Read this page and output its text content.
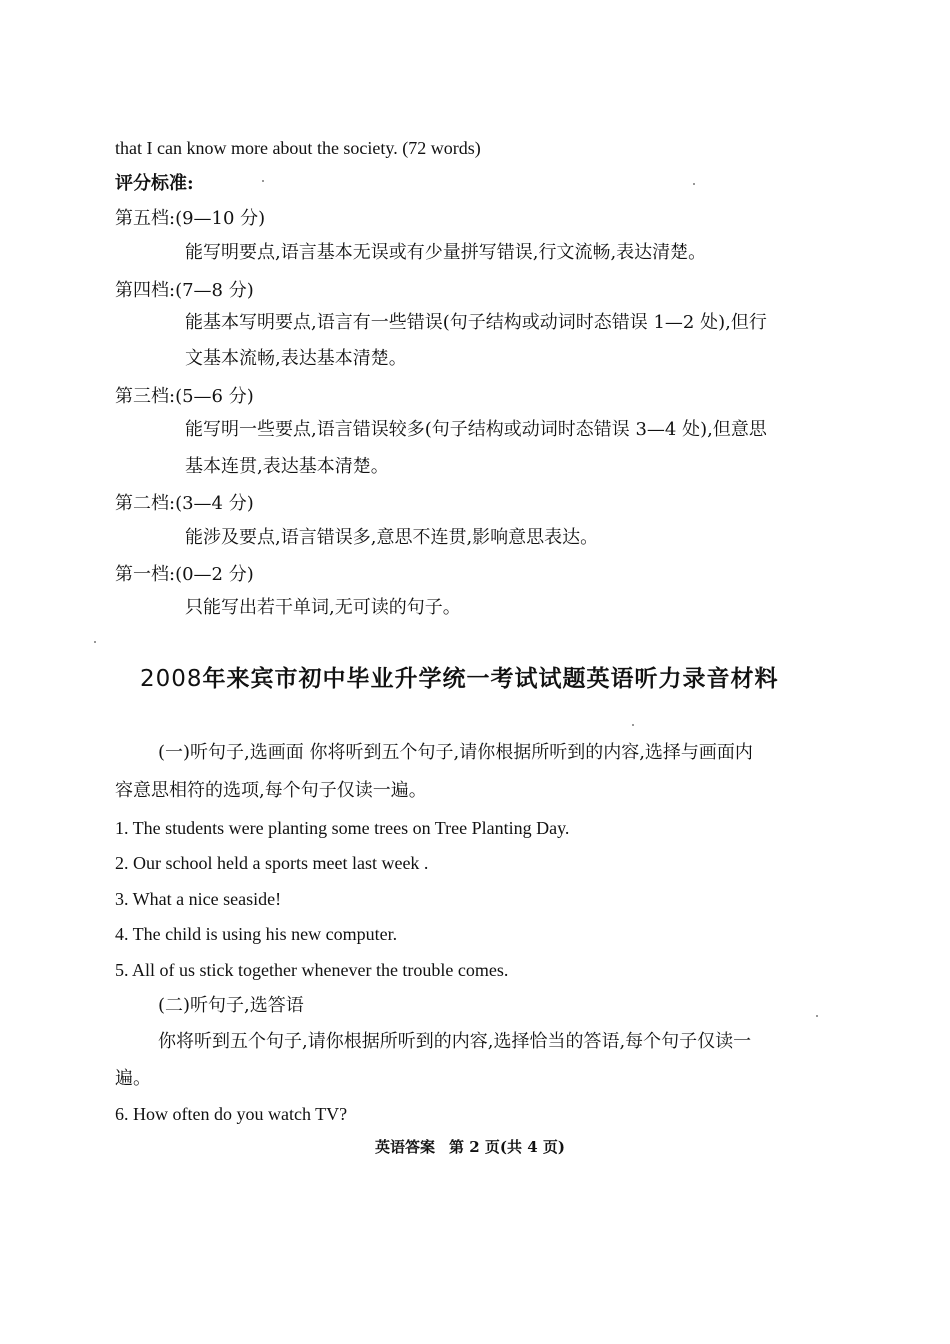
that I can know more about the society. (72 words)
评分标准:
第五档:(9—10 分)
能写明要点,语言基本无误或有少量拼写错误,行文流畅,表达清楚。
第四档:(7—8 分)
能基本写明要点,语言有一些错误(句子结构或动词时态错误 1—2 处),但行
文基本流畅,表达基本清楚。
第三档:(5—6 分)
能写明一些要点,语言错误较多(句子结构或动词时态错误 3—4 处),但意思
基本连贯,表达基本清楚。
第二档:(3—4 分)
能涉及要点,语言错误多,意思不连贯,影响意思表达。
第一档:(0—2 分)
只能写出若干单词,无可读的句子。
2008年来宾市初中毕业升学统一考试试题英语听力录音材料
(一)听句子,选画面 你将听到五个句子,请你根据所听到的内容,选择与画面内
容意思相符的选项,每个句子仅读一遍。
1. The students were planting some trees on Tree Planting Day.
2. Our school held a sports meet last week .
3. What a nice seaside!
4. The child is using his new computer.
5. All of us stick together whenever the trouble comes.
(二)听句子,选答语
你将听到五个句子,请你根据所听到的内容,选择恰当的答语,每个句子仅读一
遍。
6. How often do you watch TV?
英语答案 第 2 页(共 4 页)
